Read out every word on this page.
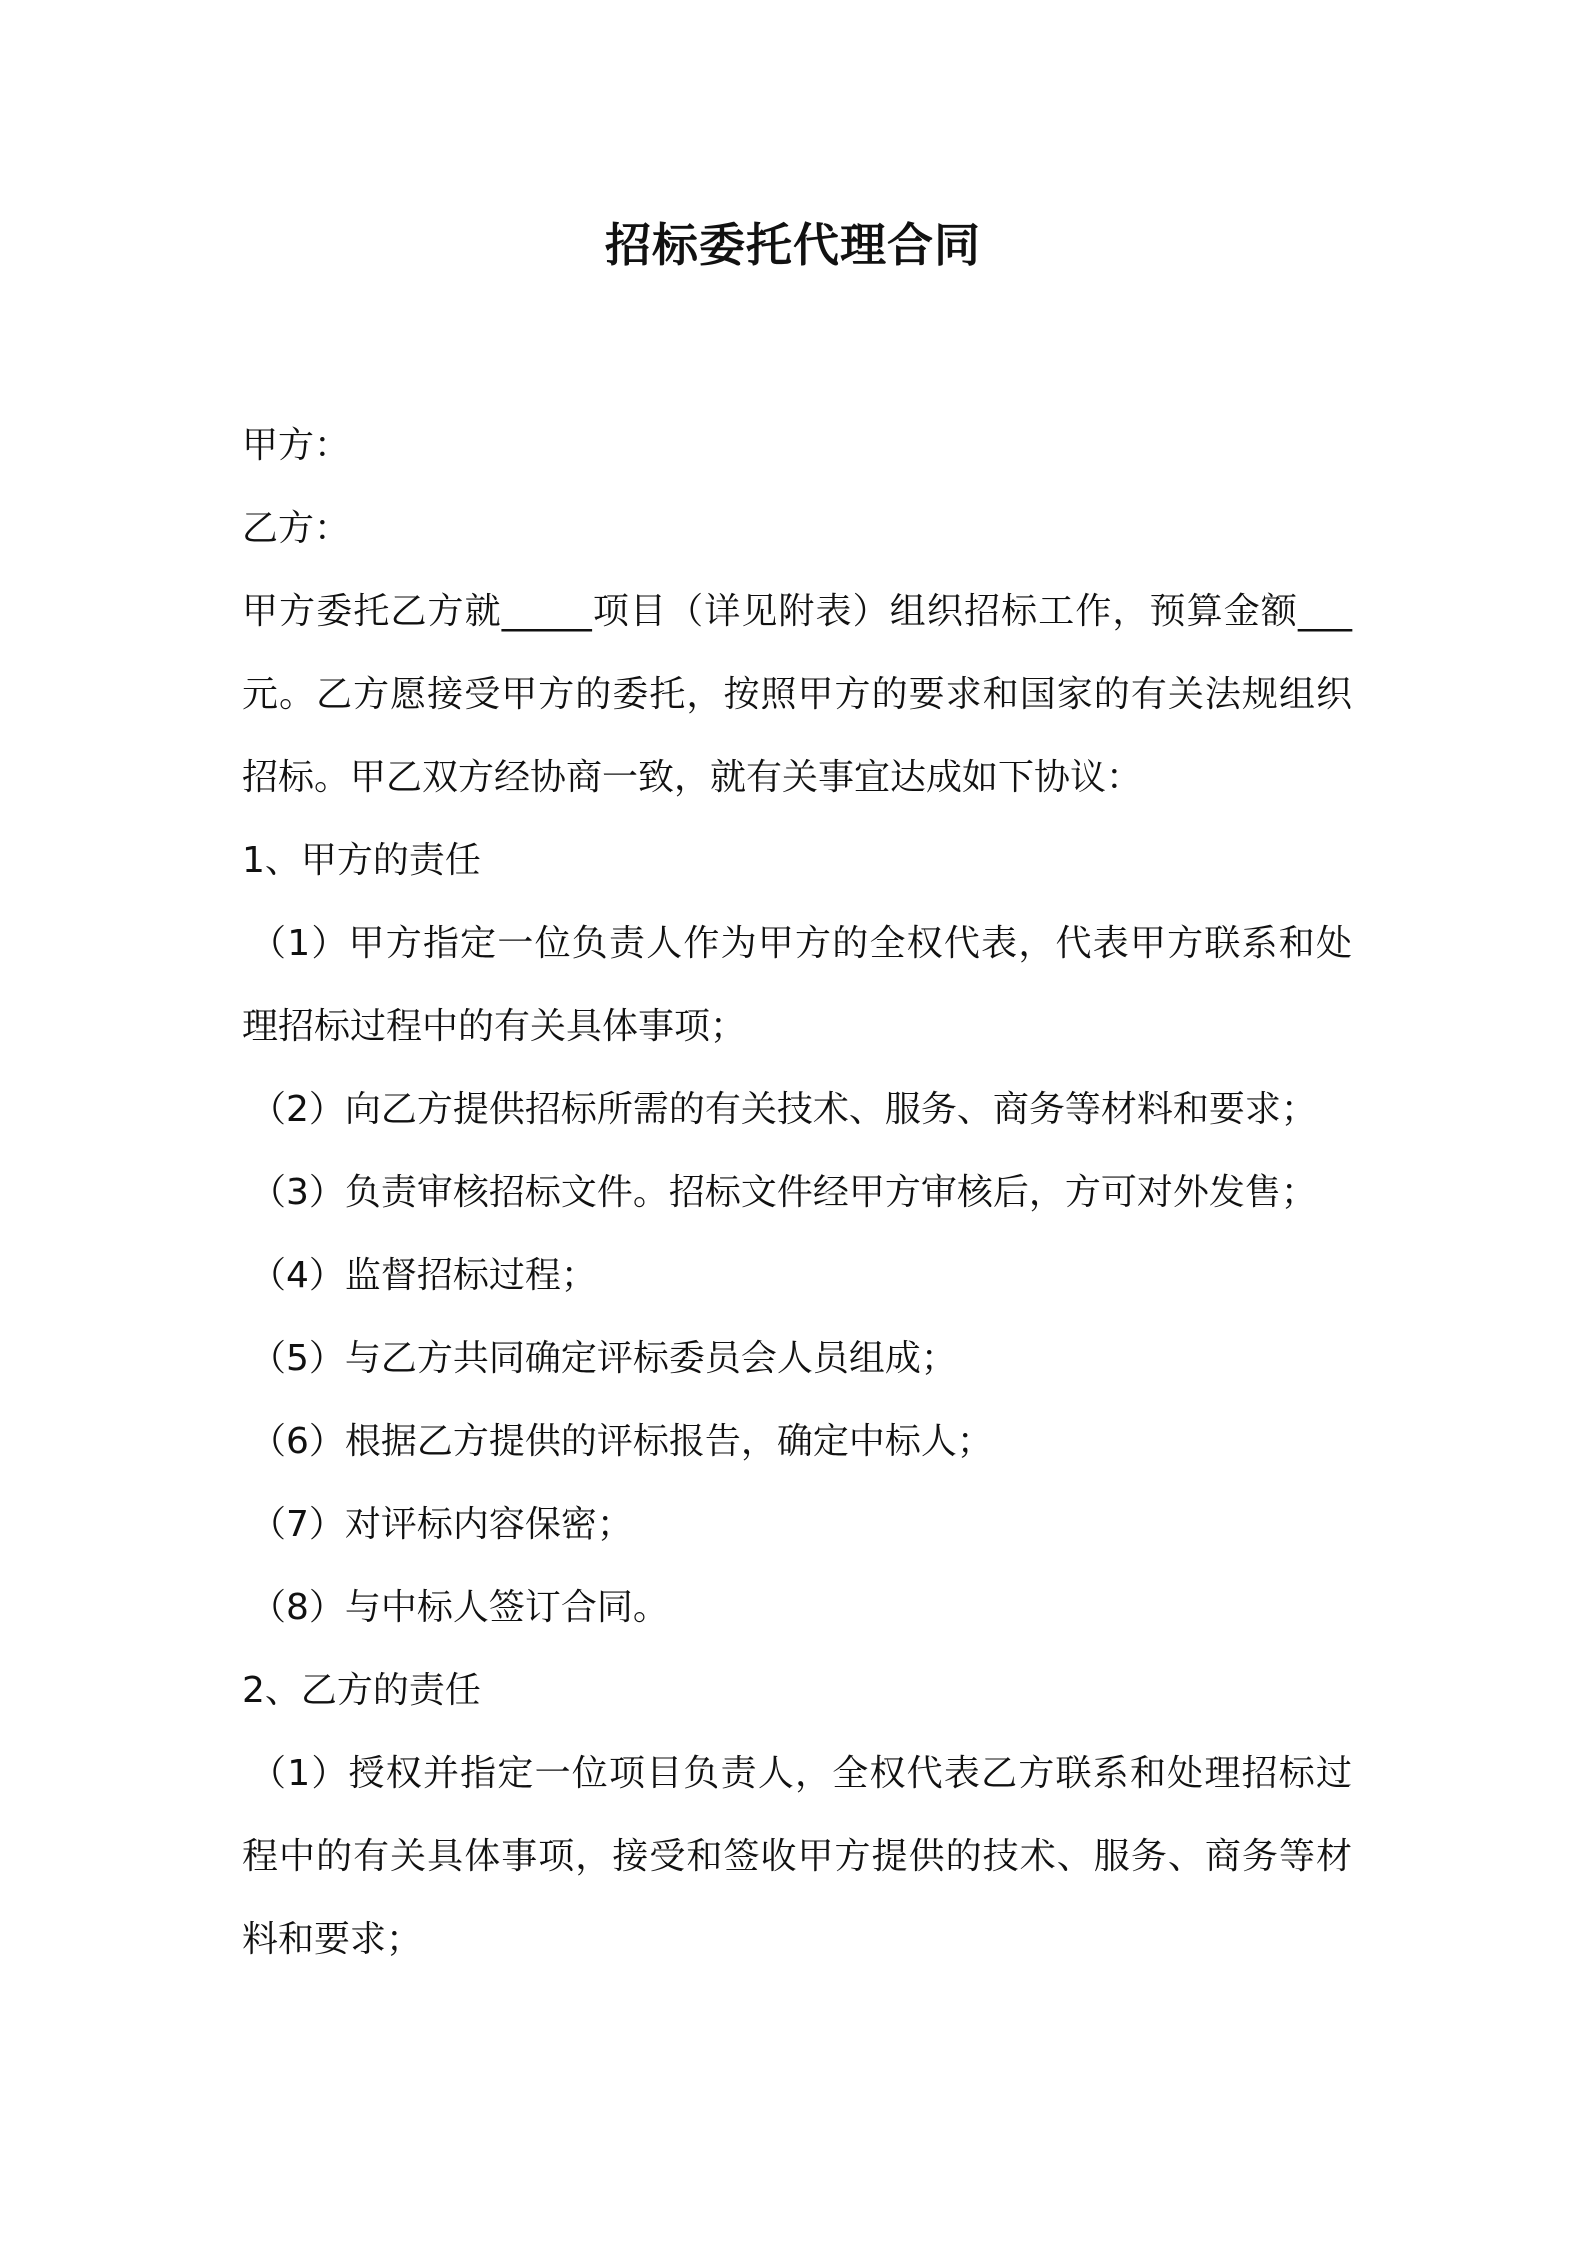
招标委托代理合同

甲方：

乙方：

甲方委托乙方就_____项目（详见附表）组织招标工作，预算金额___元。乙方愿接受甲方的委托，按照甲方的要求和国家的有关法规组织招标。甲乙双方经协商一致，就有关事宜达成如下协议：

1、甲方的责任

（1）甲方指定一位负责人作为甲方的全权代表，代表甲方联系和处理招标过程中的有关具体事项；

（2）向乙方提供招标所需的有关技术、服务、商务等材料和要求；

（3）负责审核招标文件。招标文件经甲方审核后，方可对外发售；

（4）监督招标过程；

（5）与乙方共同确定评标委员会人员组成；

（6）根据乙方提供的评标报告，确定中标人；

（7）对评标内容保密；

（8）与中标人签订合同。

2、乙方的责任

（1）授权并指定一位项目负责人，全权代表乙方联系和处理招标过程中的有关具体事项，接受和签收甲方提供的技术、服务、商务等材料和要求；
